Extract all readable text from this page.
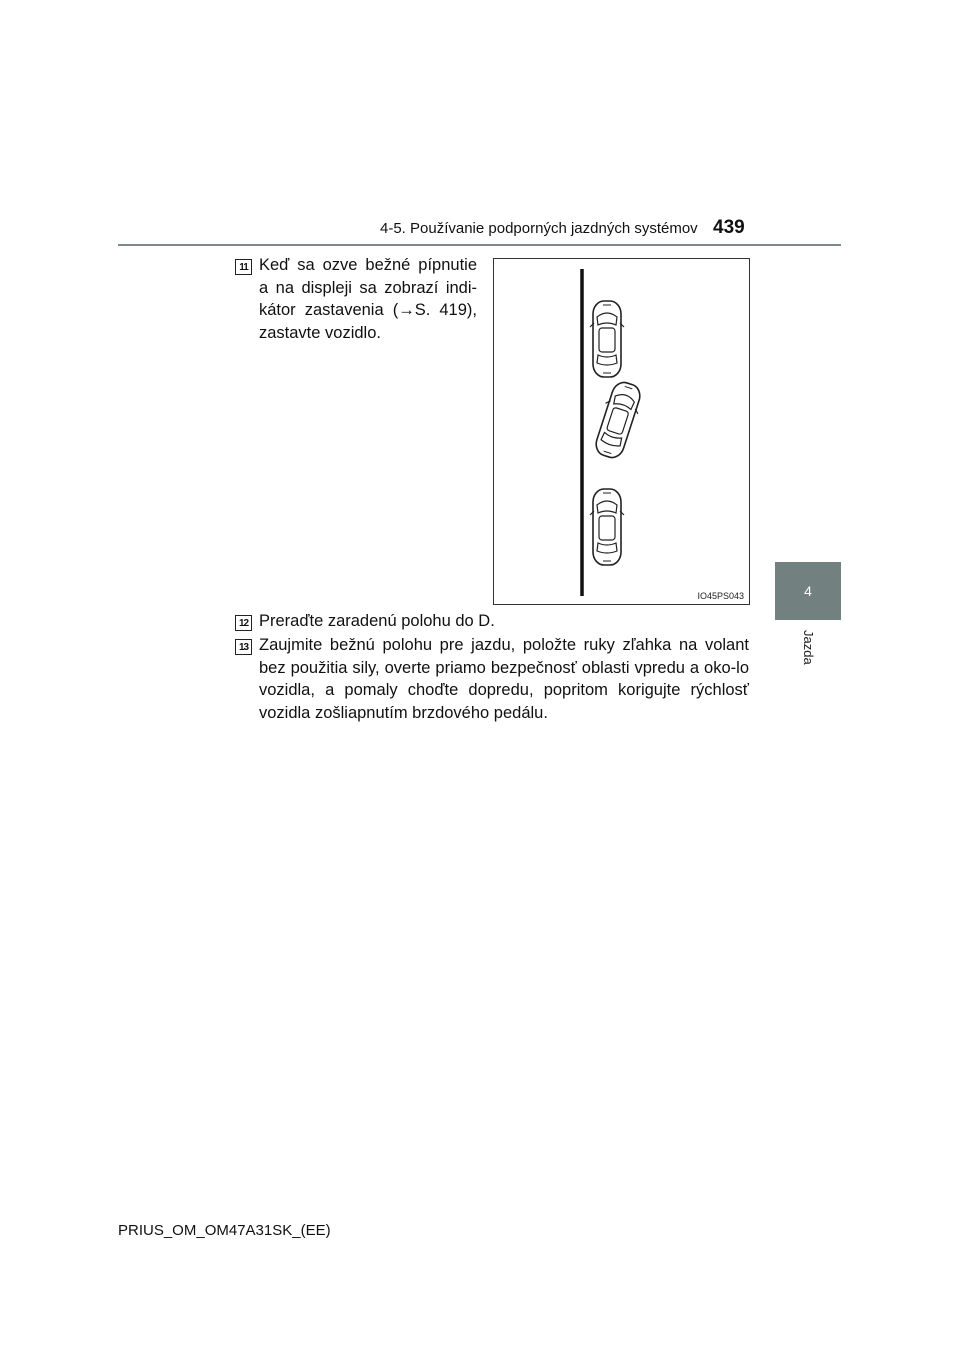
4-5. Používanie podporných jazdných systémov 439
4
Jazda
11 Keď sa ozve bežné pípnutie a na displeji sa zobrazí indi-kátor zastavenia (→S. 419), zastavte vozidlo.
IO45PS043
12 Preraďte zaradenú polohu do D.
13 Zaujmite bežnú polohu pre jazdu, položte ruky zľahka na volant bez použitia sily, overte priamo bezpečnosť oblasti vpredu a oko-lo vozidla, a pomaly choďte dopredu, popritom korigujte rýchlosť vozidla zošliapnutím brzdového pedálu.
PRIUS_OM_OM47A31SK_(EE)
